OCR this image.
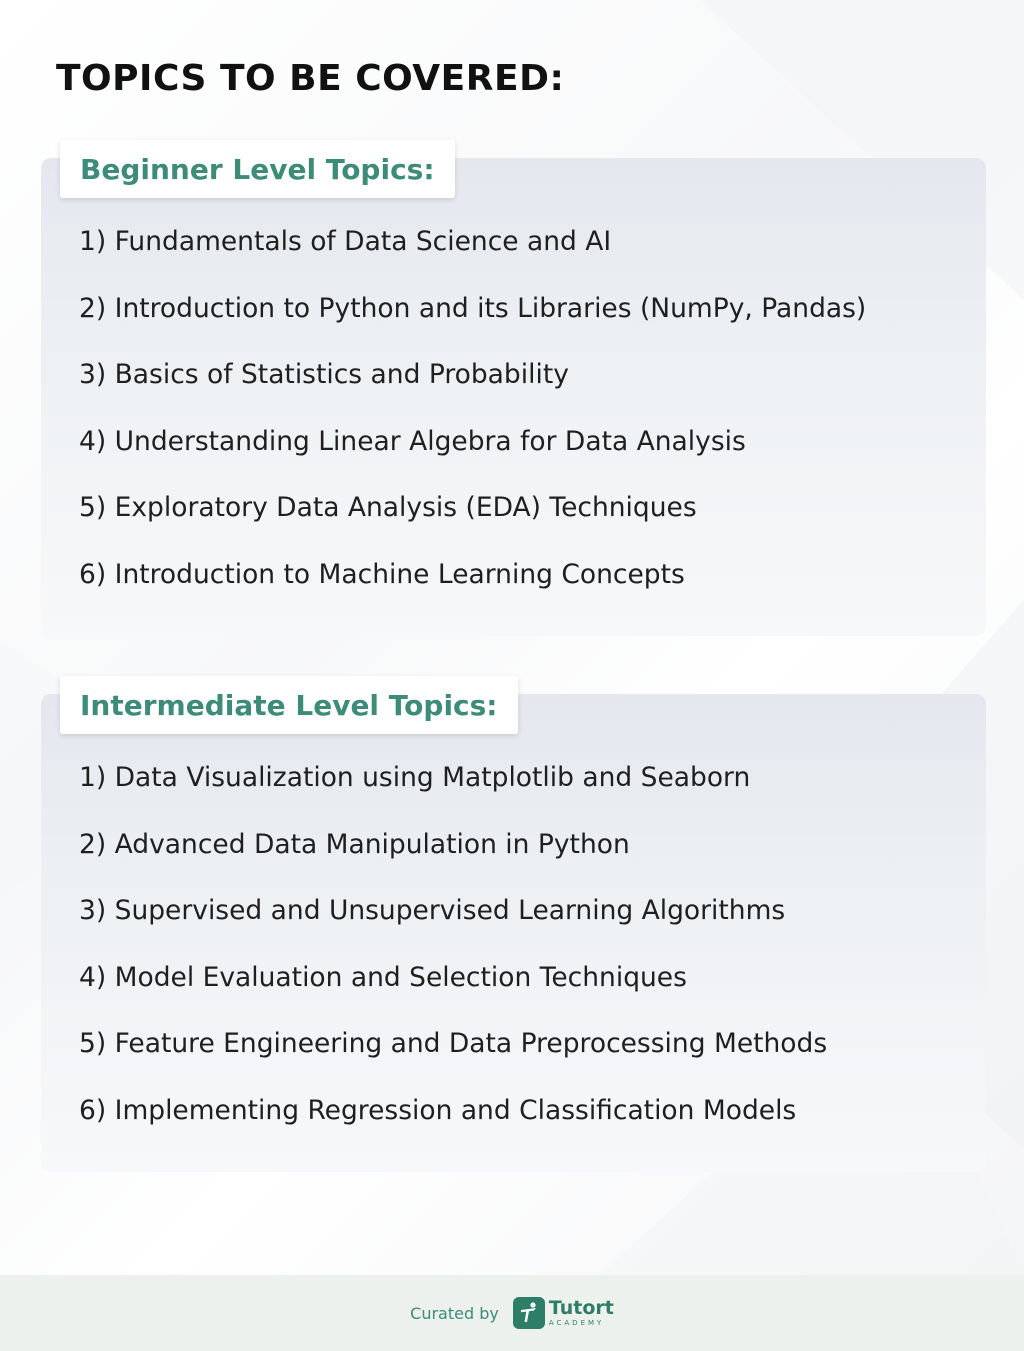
TOPICS TO BE COVERED:
Beginner Level Topics:
1) Fundamentals of Data Science and AI
2) Introduction to Python and its Libraries (NumPy, Pandas)
3) Basics of Statistics and Probability
4) Understanding Linear Algebra for Data Analysis
5) Exploratory Data Analysis (EDA) Techniques
6) Introduction to Machine Learning Concepts
Intermediate Level Topics:
1) Data Visualization using Matplotlib and Seaborn
2) Advanced Data Manipulation in Python
3) Supervised and Unsupervised Learning Algorithms
4) Model Evaluation and Selection Techniques
5) Feature Engineering and Data Preprocessing Methods
6) Implementing Regression and Classification Models
Curated by	Tutort
ACADEMY
